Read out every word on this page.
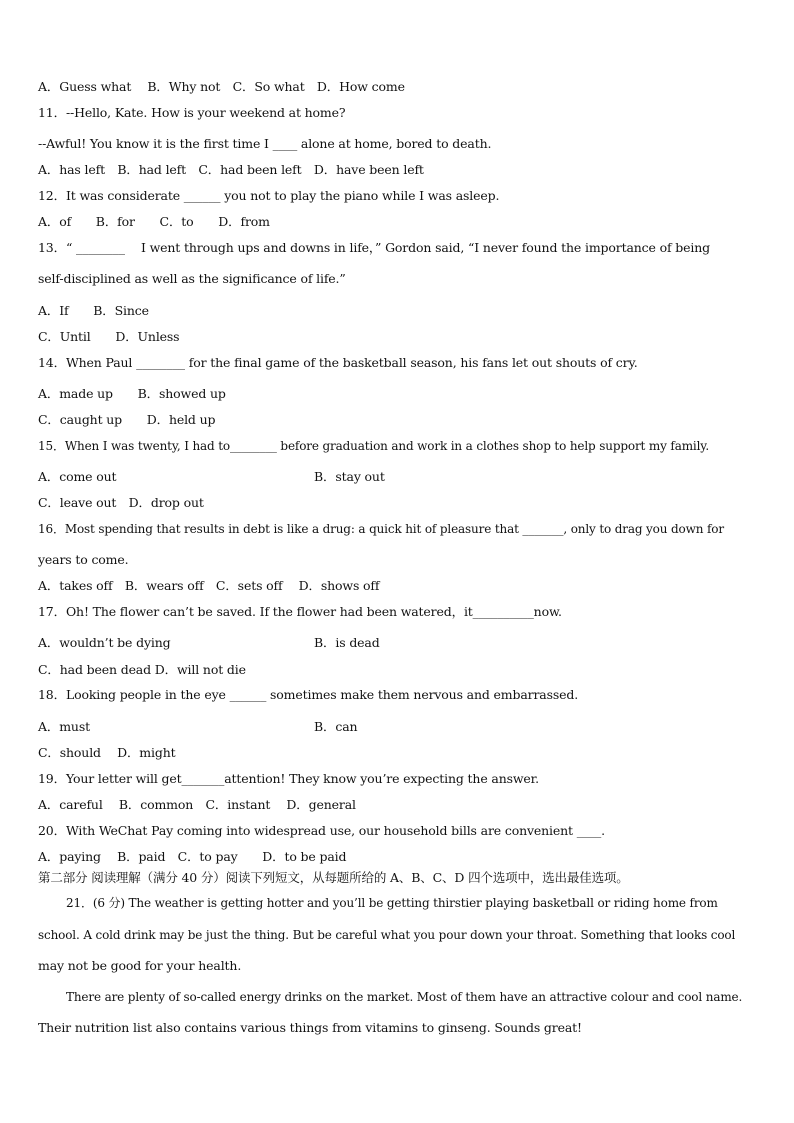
A．Guess what　 B．Why not　C．So what　D．How come
11．--Hello, Kate. How is your weekend at home?
--Awful! You know it is the first time I ____ alone at home, bored to death.
A．has left　B．had left　C．had been left　D．have been left
12．It was considerate ______ you not to play the piano while I was asleep.
A．of　　B．for　　C．to　　D．from
13．“ ________　 I went through ups and downs in life，” Gordon said, “I never found the importance of being
self-disciplined as well as the significance of life.”
A．If　　B．Since
C．Until　　D．Unless
14．When Paul ________ for the final game of the basketball season, his fans let out shouts of cry.
A．made up　　B．showed up
C．caught up　　D．held up
15．When I was twenty, I had to________ before graduation and work in a clothes shop to help support my family.
A．come out	B．stay out
C．leave out　D．drop out
16．Most spending that results in debt is like a drug: a quick hit of pleasure that _______, only to drag you down for
years to come.
A．takes off　B．wears off　C．sets off　 D．shows off
17．Oh! The flower can’t be saved. If the flower had been watered，it__________now.
A．wouldn’t be dying	B．is dead
C．had been dead D．will not die
18．Looking people in the eye ______ sometimes make them nervous and embarrassed.
A．must	B．can
C．should　 D．might
19．Your letter will get_______attention! They know you’re expecting the answer.
A．careful　 B．common　C．instant　 D．general
20．With WeChat Pay coming into widespread use, our household bills are convenient ____.
A．paying　 B．paid　C．to pay　　D．to be paid
第二部分 阅读理解（满分 40 分）阅读下列短文，从每题所给的 A、B、C、D 四个选项中，选出最佳选项。
21．(6 分) The weather is getting hotter and you’ll be getting thirstier playing basketball or riding home from
school. A cold drink may be just the thing. But be careful what you pour down your throat. Something that looks cool
may not be good for your health.
There are plenty of so-called energy drinks on the market. Most of them have an attractive colour and cool name.
Their nutrition list also contains various things from vitamins to ginseng. Sounds great!
